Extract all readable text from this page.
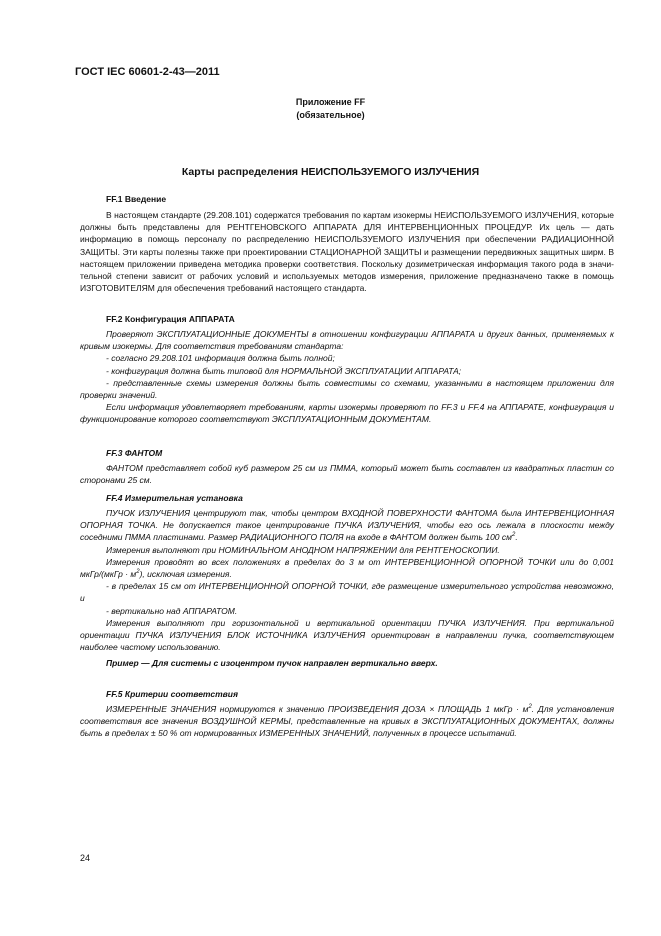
ГОСТ IEC 60601-2-43—2011
Приложение FF
(обязательное)
Карты распределения НЕИСПОЛЬЗУЕМОГО ИЗЛУЧЕНИЯ
FF.1 Введение

В настоящем стандарте (29.208.101) содержатся требования по картам изокермы НЕИСПОЛЬЗУЕМОГО ИЗЛУЧЕНИЯ, которые должны быть представлены для РЕНТГЕНОВСКОГО АППАРАТА ДЛЯ ИНТЕРВЕНЦИОННЫХ ПРОЦЕДУР. Их цель — дать информацию в помощь персоналу по распределению НЕИСПОЛЬЗУЕМОГО ИЗЛУЧЕНИЯ при обеспечении РАДИАЦИОННОЙ ЗАЩИТЫ. Эти карты полезны также при проектировании СТАЦИОНАРНОЙ ЗАЩИТЫ и размещении передвижных защитных ширм. В настоящем приложении приведена методика проверки соответствия. Поскольку дозиметрическая информация такого рода в значительной степени зависит от рабочих условий и используемых методов измерения, приложение предназначено также в помощь ИЗГОТОВИТЕЛЯМ для обеспечения требований настоящего стандарта.

FF.2 Конфигурация АППАРАТА

Проверяют ЭКСПЛУАТАЦИОННЫЕ ДОКУМЕНТЫ в отношении конфигурации АППАРАТА и других данных, применяемых к кривым изокермы. Для соответствия требованиям стандарта:

- согласно 29.208.101 информация должна быть полной;

- конфигурация должна быть типовой для НОРМАЛЬНОЙ ЭКСПЛУАТАЦИИ АППАРАТА;

- представленные схемы измерения должны быть совместимы со схемами, указанными в настоящем приложении для проверки значений.

Если информация удовлетворяет требованиям, карты изокермы проверяют по FF.3 и FF.4 на АППАРАТЕ, конфигурация и функционирование которого соответствуют ЭКСПЛУАТАЦИОННЫМ ДОКУМЕНТАМ.

FF.3 ФАНТОМ

ФАНТОМ представляет собой куб размером 25 см из ПММА, который может быть составлен из квадратных пластин со сторонами 25 см.

FF.4 Измерительная установка

ПУЧОК ИЗЛУЧЕНИЯ центрируют так, чтобы центром ВХОДНОЙ ПОВЕРХНОСТИ ФАНТОМА была ИНТЕРВЕНЦИОННАЯ ОПОРНАЯ ТОЧКА. Не допускается такое центрирование ПУЧКА ИЗЛУЧЕНИЯ, чтобы его ось лежала в плоскости между соседними ПММА пластинами. Размер РАДИАЦИОННОГО ПОЛЯ на входе в ФАНТОМ должен быть 100 $см^2$.

Измерения выполняют при НОМИНАЛЬНОМ АНОДНОМ НАПРЯЖЕНИИ для РЕНТГЕНОСКОПИИ.

Измерения проводят во всех положениях в пределах до 3 м от ИНТЕРВЕНЦИОННОЙ ОПОРНОЙ ТОЧКИ или до 0,001 мкГр/(мкГр · $м^2$), исключая измерения.

- в пределах 15 см от ИНТЕРВЕНЦИОННОЙ ОПОРНОЙ ТОЧКИ, где размещение измерительного устройства невозможно, и

- вертикально над АППАРАТОМ.

Измерения выполняют при горизонтальной и вертикальной ориентации ПУЧКА ИЗЛУЧЕНИЯ. При вертикальной ориентации ПУЧКА ИЗЛУЧЕНИЯ БЛОК ИСТОЧНИКА ИЗЛУЧЕНИЯ ориентирован в направлении пучка, соответствующем наиболее частому использованию.

Пример — Для системы с изоцентром пучок направлен вертикально вверх.

FF.5 Критерии соответствия

ИЗМЕРЕННЫЕ ЗНАЧЕНИЯ нормируются к значению ПРОИЗВЕДЕНИЯ ДОЗА × ПЛОЩАДЬ 1 мкГр · $м^2$. Для установления соответствия все значения ВОЗДУШНОЙ КЕРМЫ, представленные на кривых в ЭКСПЛУАТАЦИОННЫХ ДОКУМЕНТАХ, должны быть в пределах ± 50 % от нормированных ИЗМЕРЕННЫХ ЗНАЧЕНИЙ, полученных в процессе испытаний.

24
